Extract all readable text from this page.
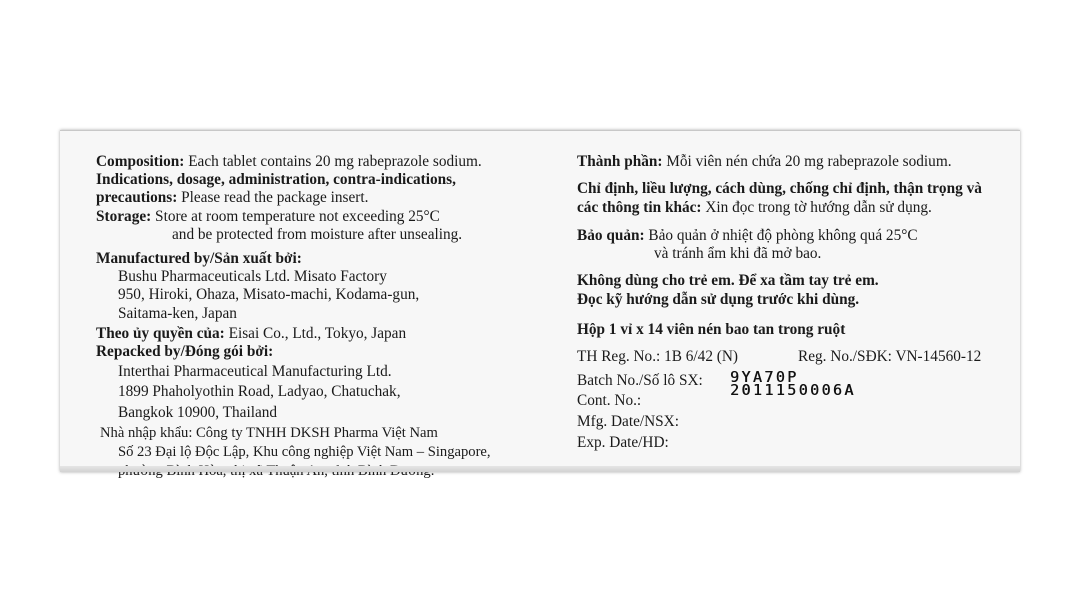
Composition: Each tablet contains 20 mg rabeprazole sodium.
Indications, dosage, administration, contra-indications,
precautions: Please read the package insert.
Storage: Store at room temperature not exceeding 25°C
and be protected from moisture after unsealing.
Manufactured by/Sản xuất bởi:
Bushu Pharmaceuticals Ltd. Misato Factory
950, Hiroki, Ohaza, Misato-machi, Kodama-gun,
Saitama-ken, Japan
Theo ủy quyền của: Eisai Co., Ltd., Tokyo, Japan
Repacked by/Đóng gói bởi:
Interthai Pharmaceutical Manufacturing Ltd.
1899 Phaholyothin Road, Ladyao, Chatuchak,
Bangkok 10900, Thailand
Nhà nhập khẩu: Công ty TNHH DKSH Pharma Việt Nam
Số 23 Đại lộ Độc Lập, Khu công nghiệp Việt Nam – Singapore,
Thành phần: Mỗi viên nén chứa 20 mg rabeprazole sodium.
Chỉ định, liều lượng, cách dùng, chống chỉ định, thận trọng và
các thông tin khác: Xin đọc trong tờ hướng dẫn sử dụng.
Bảo quản: Bảo quản ở nhiệt độ phòng không quá 25°C
và tránh ẩm khi đã mở bao.
Không dùng cho trẻ em. Để xa tầm tay trẻ em.
Đọc kỹ hướng dẫn sử dụng trước khi dùng.
Hộp 1 vỉ x 14 viên nén bao tan trong ruột
TH Reg. No.: 1B 6/42 (N)	Reg. No./SĐK: VN-14560-12
Batch No./Số lô SX: 9YA70P
Cont. No.:
2011150006A
Mfg. Date/NSX:
Exp. Date/HD:
